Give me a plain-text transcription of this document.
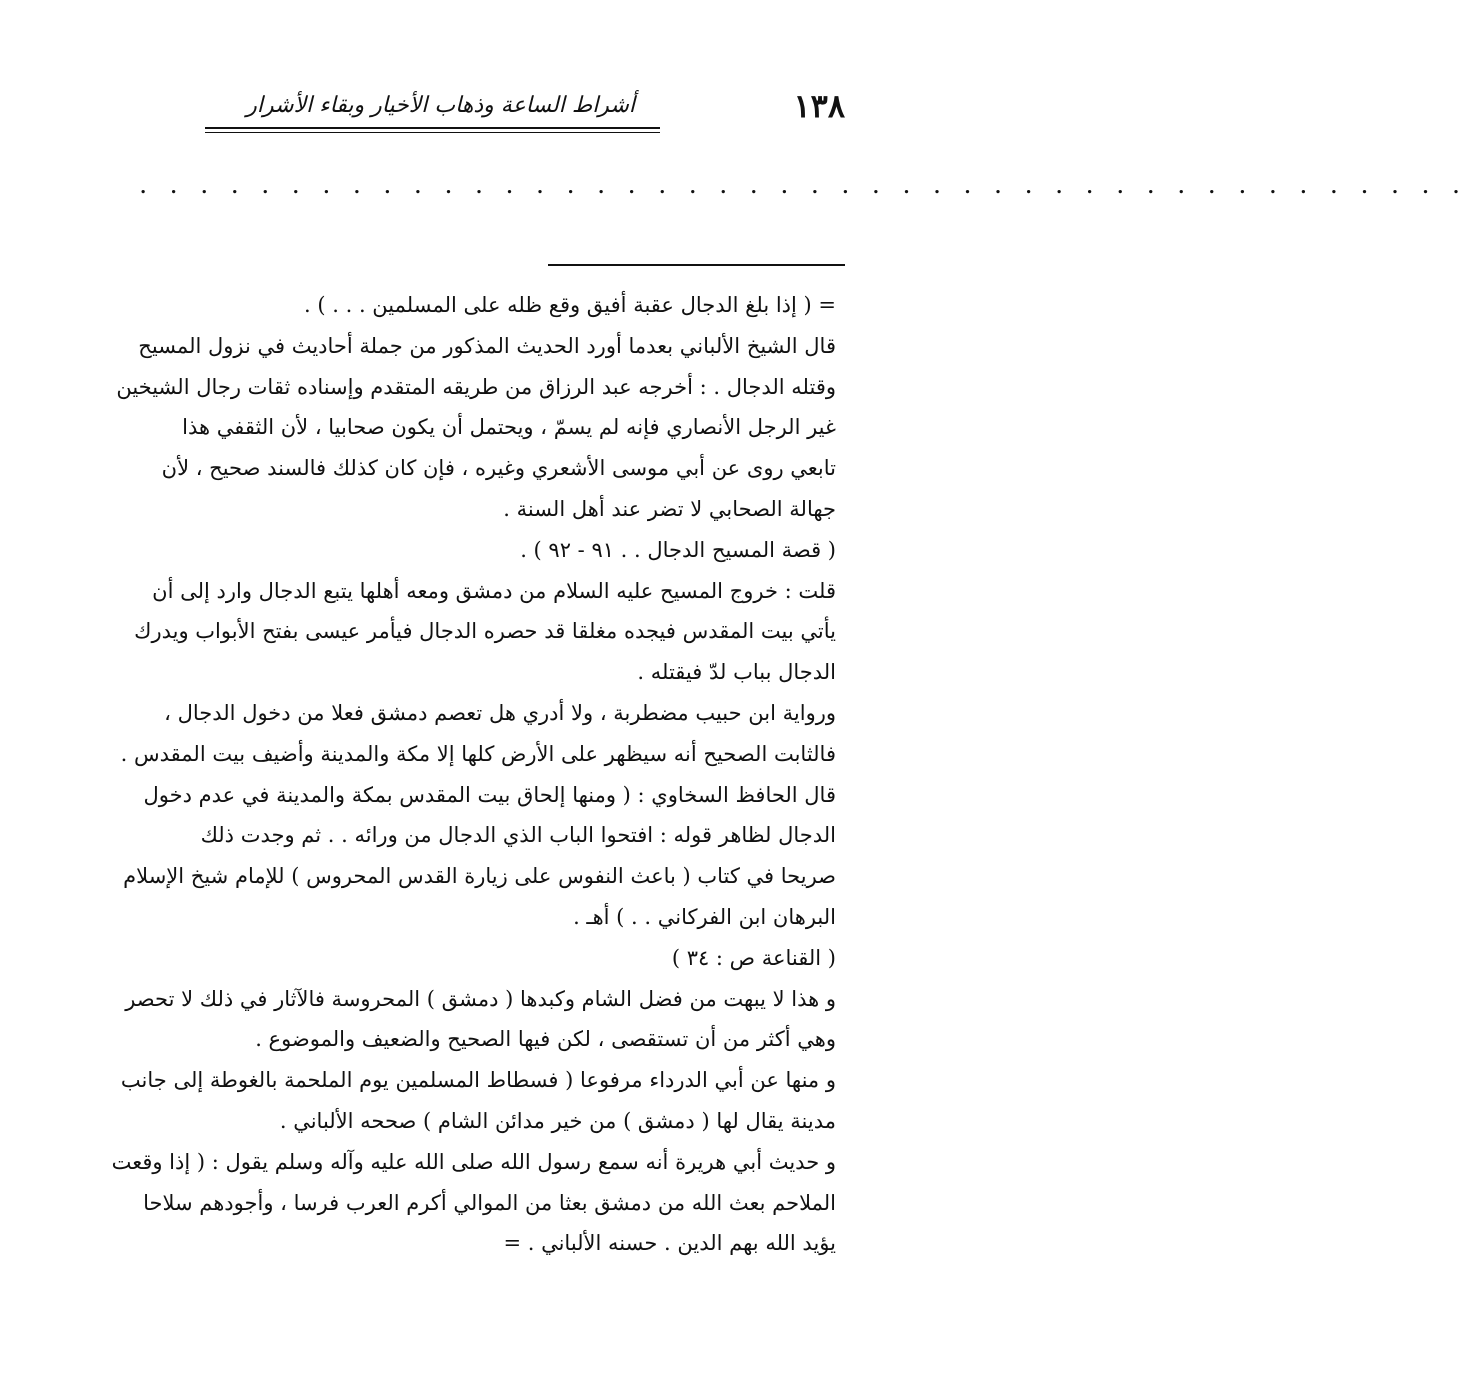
١٣٨
أشراط الساعة وذهاب الأخيار وبقاء الأشرار
. . . . . . . . . . . . . . . . . . . . . . . . . . . . . . . . . . . . . . . . . . . .
= ( إذا بلغ الدجال عقبة أفيق وقع ظله على المسلمين . . . ) .
قال الشيخ الألباني بعدما أورد الحديث المذكور من جملة أحاديث في نزول المسيح
وقتله الدجال . : أخرجه عبد الرزاق من طريقه المتقدم وإسناده ثقات رجال الشيخين
غير الرجل الأنصاري فإنه لم يسمّ ، ويحتمل أن يكون صحابيا ، لأن الثقفي هذا
تابعي روى عن أبي موسى الأشعري وغيره ، فإن كان كذلك فالسند صحيح ، لأن
جهالة الصحابي لا تضر عند أهل السنة .
( قصة المسيح الدجال . . ٩١ - ٩٢ ) .
قلت : خروج المسيح عليه السلام من دمشق ومعه أهلها يتبع الدجال وارد إلى أن
يأتي بيت المقدس فيجده مغلقا قد حصره الدجال فيأمر عيسى بفتح الأبواب ويدرك
الدجال بباب لدّ فيقتله .
ورواية ابن حبيب مضطربة ، ولا أدري هل تعصم دمشق فعلا من دخول الدجال ،
فالثابت الصحيح أنه سيظهر على الأرض كلها إلا مكة والمدينة وأضيف بيت المقدس .
قال الحافظ السخاوي : ( ومنها إلحاق بيت المقدس بمكة والمدينة في عدم دخول
الدجال لظاهر قوله : افتحوا الباب الذي الدجال من ورائه . . ثم وجدت ذلك
صريحا في كتاب ( باعث النفوس على زيارة القدس المحروس ) للإمام شيخ الإسلام
البرهان ابن الفركاني . . ) أهـ .
( القناعة ص : ٣٤ )
و هذا لا يبهت من فضل الشام وكبدها ( دمشق ) المحروسة فالآثار في ذلك لا تحصر
وهي أكثر من أن تستقصى ، لكن فيها الصحيح والضعيف والموضوع .
و منها عن أبي الدرداء مرفوعا ( فسطاط المسلمين يوم الملحمة بالغوطة إلى جانب
مدينة يقال لها ( دمشق ) من خير مدائن الشام ) صححه الألباني .
و حديث أبي هريرة أنه سمع رسول الله صلى الله عليه وآله وسلم يقول : ( إذا وقعت
الملاحم بعث الله من دمشق بعثا من الموالي أكرم العرب فرسا ، وأجودهم سلاحا
يؤيد الله بهم الدين . حسنه الألباني . =
